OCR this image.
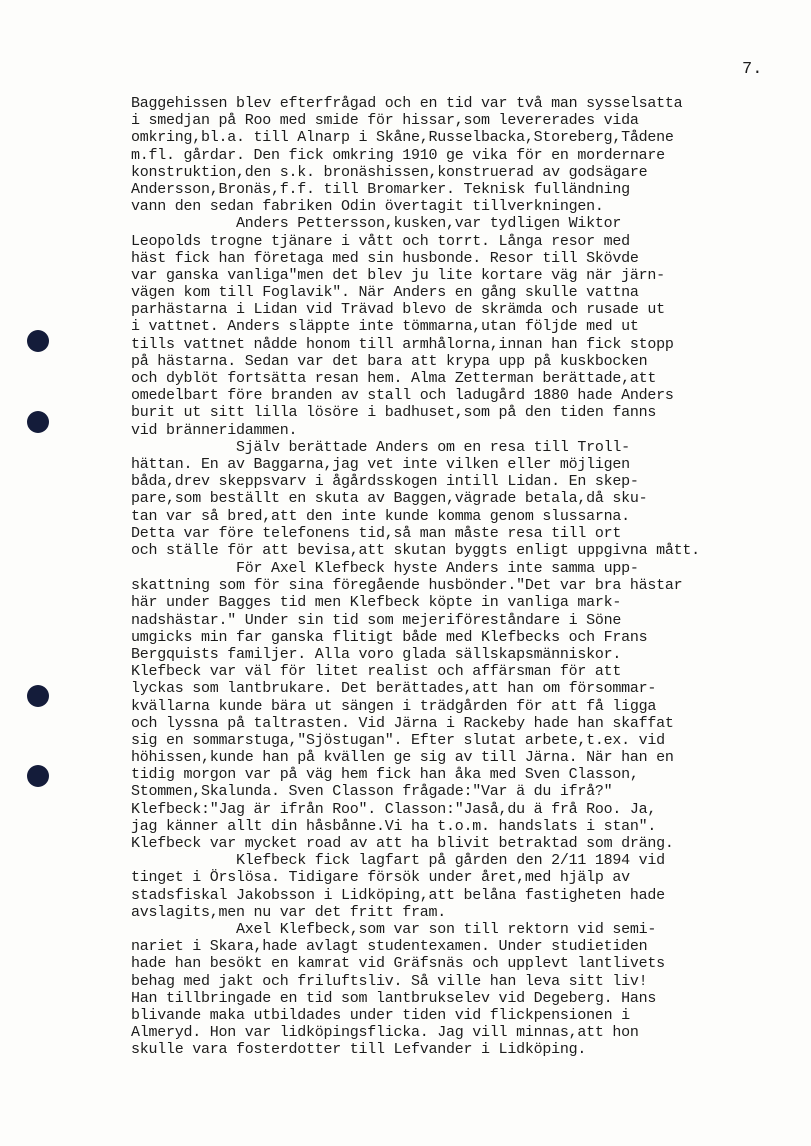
7.
Baggehissen blev efterfrågad och en tid var två man sysselsatta
i smedjan på Roo med smide för hissar,som levererades vida
omkring,bl.a. till Alnarp i Skåne,Russelbacka,Storeberg,Tådene
m.fl. gårdar. Den fick omkring 1910 ge vika för en mordernare
konstruktion,den s.k. bronäshissen,konstruerad av godsägare
Andersson,Bronäs,f.f. till Bromarker. Teknisk fulländning
vann den sedan fabriken Odin övertagit tillverkningen.
Anders Pettersson,kusken,var tydligen Wiktor
Leopolds trogne tjänare i vått och torrt. Långa resor med
häst fick han företaga med sin husbonde. Resor till Skövde
var ganska vanliga"men det blev ju lite kortare väg när järn-
vägen kom till Foglavik". När Anders en gång skulle vattna
parhästarna i Lidan vid Trävad blevo de skrämda och rusade ut
i vattnet. Anders släppte inte tömmarna,utan följde med ut
tills vattnet nådde honom till armhålorna,innan han fick stopp
på hästarna. Sedan var det bara att krypa upp på kuskbocken
och dyblöt fortsätta resan hem. Alma Zetterman berättade,att
omedelbart före branden av stall och ladugård 1880 hade Anders
burit ut sitt lilla lösöre i badhuset,som på den tiden fanns
vid bränneridammen.
Själv berättade Anders om en resa till Troll-
hättan. En av Baggarna,jag vet inte vilken eller möjligen
båda,drev skeppsvarv i ågårdsskogen intill Lidan. En skep-
pare,som beställt en skuta av Baggen,vägrade betala,då sku-
tan var så bred,att den inte kunde komma genom slussarna.
Detta var före telefonens tid,så man måste resa till ort
och ställe för att bevisa,att skutan byggts enligt uppgivna mått.
För Axel Klefbeck hyste Anders inte samma upp-
skattning som för sina föregående husbönder."Det var bra hästar
här under Bagges tid men Klefbeck köpte in vanliga mark-
nadshästar." Under sin tid som mejeriföreståndare i Söne
umgicks min far ganska flitigt både med Klefbecks och Frans
Bergquists familjer. Alla voro glada sällskapsmänniskor.
Klefbeck var väl för litet realist och affärsman för att
lyckas som lantbrukare. Det berättades,att han om försommar-
kvällarna kunde bära ut sängen i trädgården för att få ligga
och lyssna på taltrasten. Vid Järna i Rackeby hade han skaffat
sig en sommarstuga,"Sjöstugan". Efter slutat arbete,t.ex. vid
höhissen,kunde han på kvällen ge sig av till Järna. När han en
tidig morgon var på väg hem fick han åka med Sven Classon,
Stommen,Skalunda. Sven Classon frågade:"Var ä du ifrå?"
Klefbeck:"Jag är ifrån Roo". Classon:"Jaså,du ä frå Roo. Ja,
jag känner allt din håsbånne.Vi ha t.o.m. handslats i stan".
Klefbeck var mycket road av att ha blivit betraktad som dräng.
Klefbeck fick lagfart på gården den 2/11 1894 vid
tinget i Örslösa. Tidigare försök under året,med hjälp av
stadsfiskal Jakobsson i Lidköping,att belåna fastigheten hade
avslagits,men nu var det fritt fram.
Axel Klefbeck,som var son till rektorn vid semi-
nariet i Skara,hade avlagt studentexamen. Under studietiden
hade han besökt en kamrat vid Gräfsnäs och upplevt lantlivets
behag med jakt och friluftsliv. Så ville han leva sitt liv!
Han tillbringade en tid som lantbrukselev vid Degeberg. Hans
blivande maka utbildades under tiden vid flickpensionen i
Almeryd. Hon var lidköpingsflicka. Jag vill minnas,att hon
skulle vara fosterdotter till Lefvander i Lidköping.
